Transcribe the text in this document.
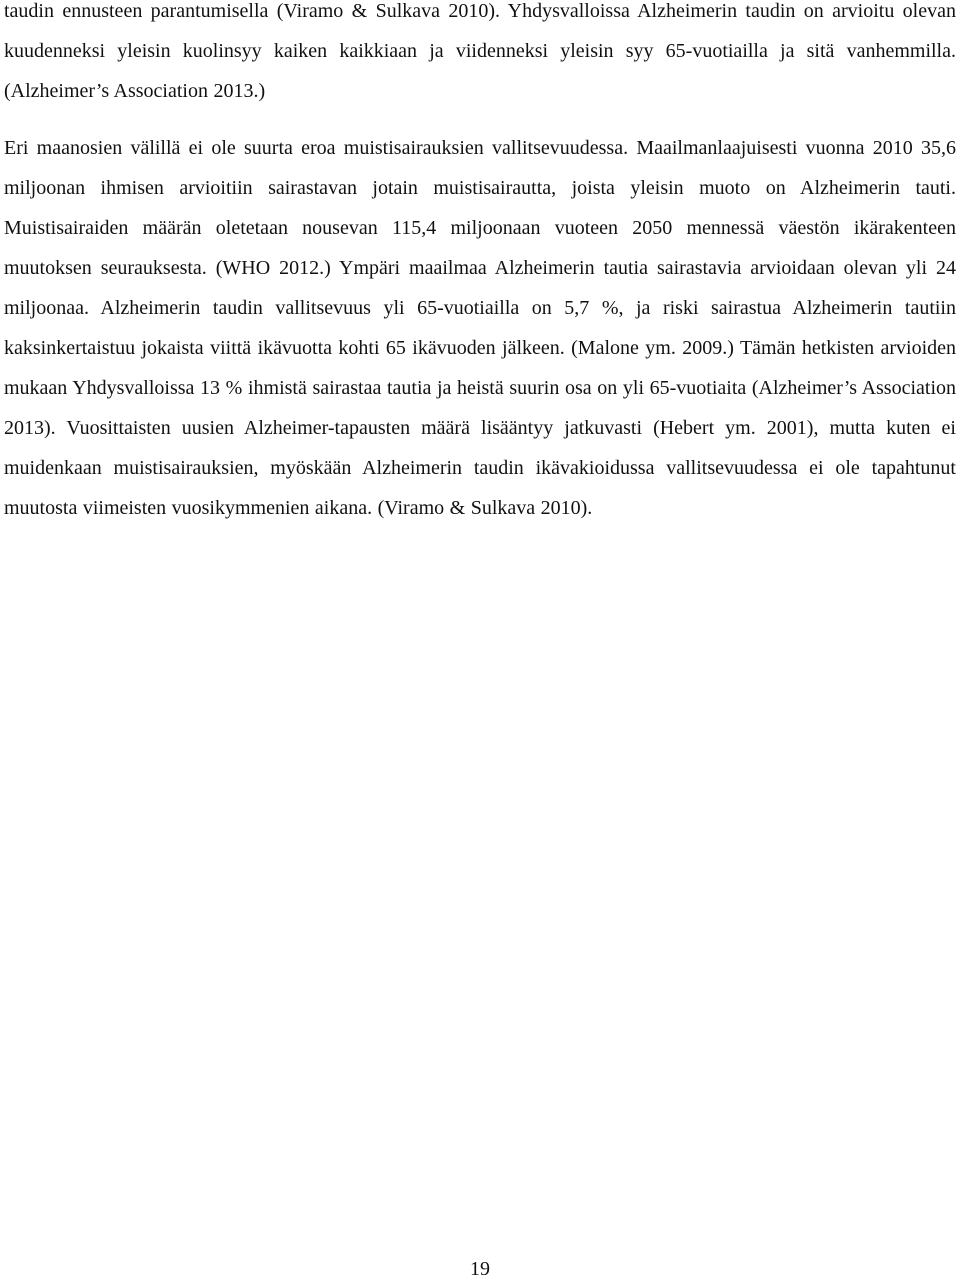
taudin ennusteen parantumisella (Viramo & Sulkava 2010). Yhdysvalloissa Alzheimerin taudin on arvioitu olevan kuudenneksi yleisin kuolinsyy kaiken kaikkiaan ja viidenneksi yleisin syy 65-vuotiailla ja sitä vanhemmilla. (Alzheimer’s Association 2013.)

Eri maanosien välillä ei ole suurta eroa muistisairauksien vallitsevuudessa. Maailmanlaajuisesti vuonna 2010 35,6 miljoonan ihmisen arvioitiin sairastavan jotain muistisairautta, joista yleisin muoto on Alzheimerin tauti. Muistisairaiden määrän oletetaan nousevan 115,4 miljoonaan vuoteen 2050 mennessä väestön ikärakenteen muutoksen seurauksesta. (WHO 2012.) Ympäri maailmaa Alzheimerin tautia sairastavia arvioidaan olevan yli 24 miljoonaa. Alzheimerin taudin vallitsevuus yli 65-vuotiailla on 5,7 %, ja riski sairastua Alzheimerin tautiin kaksinkertaistuu jokaista viittä ikävuotta kohti 65 ikävuoden jälkeen. (Malone ym. 2009.) Tämän hetkisten arvioiden mukaan Yhdysvalloissa 13 % ihmistä sairastaa tautia ja heistä suurin osa on yli 65-vuotiaita (Alzheimer’s Association 2013). Vuosittaisten uusien Alzheimer-tapausten määrä lisääntyy jatkuvasti (Hebert ym. 2001), mutta kuten ei muidenkaan muistisairauksien, myöskään Alzheimerin taudin ikävakioidussa vallitsevuudessa ei ole tapahtunut muutosta viimeisten vuosikymmenien aikana. (Viramo & Sulkava 2010).

19
